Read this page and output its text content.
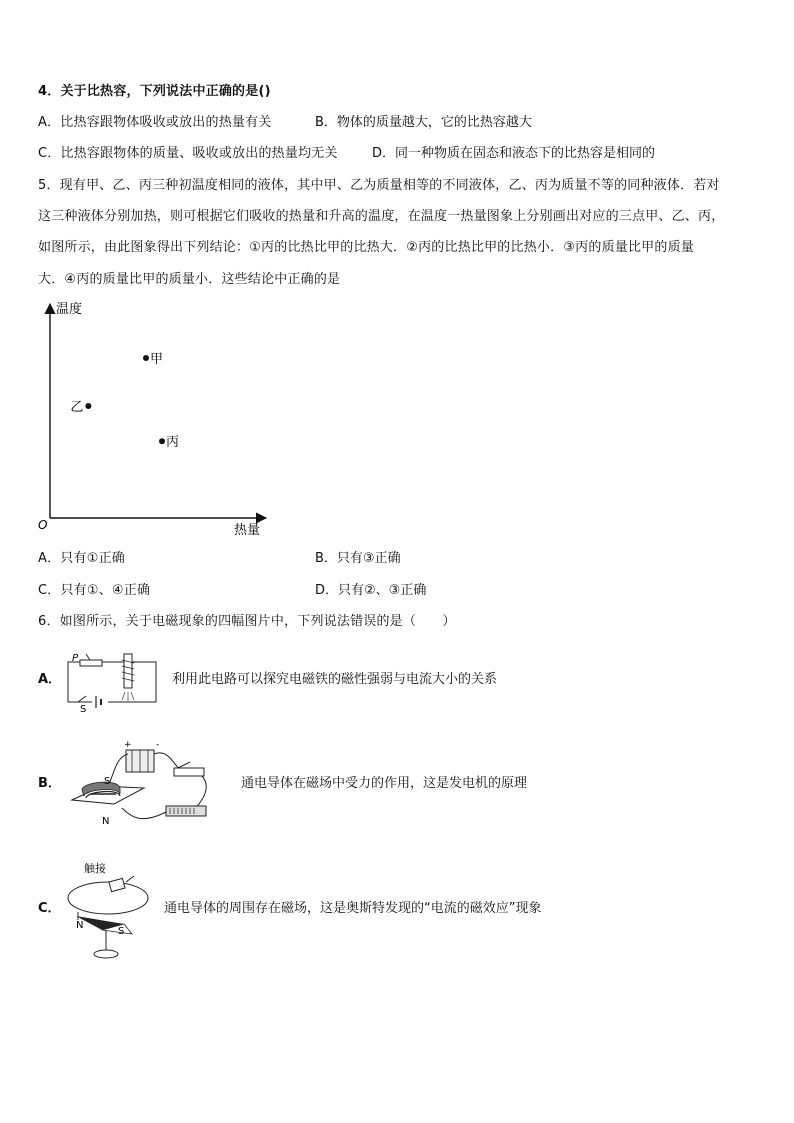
4．关于比热容，下列说法中正确的是()
A．比热容跟物体吸收或放出的热量有关	B．物体的质量越大，它的比热容越大
C．比热容跟物体的质量、吸收或放出的热量均无关	D．同一种物质在固态和液态下的比热容是相同的
5．现有甲、乙、丙三种初温度相同的液体，其中甲、乙为质量相等的不同液体，乙、丙为质量不等的同种液体．若对
这三种液体分别加热，则可根据它们吸收的热量和升高的温度，在温度一热量图象上分别画出对应的三点甲、乙、丙，
如图所示，由此图象得出下列结论：①丙的比热比甲的比热大．②丙的比热比甲的比热小．③丙的质量比甲的质量
大．④丙的质量比甲的质量小．这些结论中正确的是
温度
热量
O
甲
乙
丙
A．只有①正确	B．只有③正确
C．只有①、④正确	D．只有②、③正确
6．如图所示，关于电磁现象的四幅图片中，下列说法错误的是（　　）
A．
P
S
利用此电路可以探究电磁铁的磁性强弱与电流大小的关系
B．
+	-
S
N
通电导体在磁场中受力的作用，这是发电机的原理
C．
触接
N
S
通电导体的周围存在磁场，这是奥斯特发现的“电流的磁效应”现象
